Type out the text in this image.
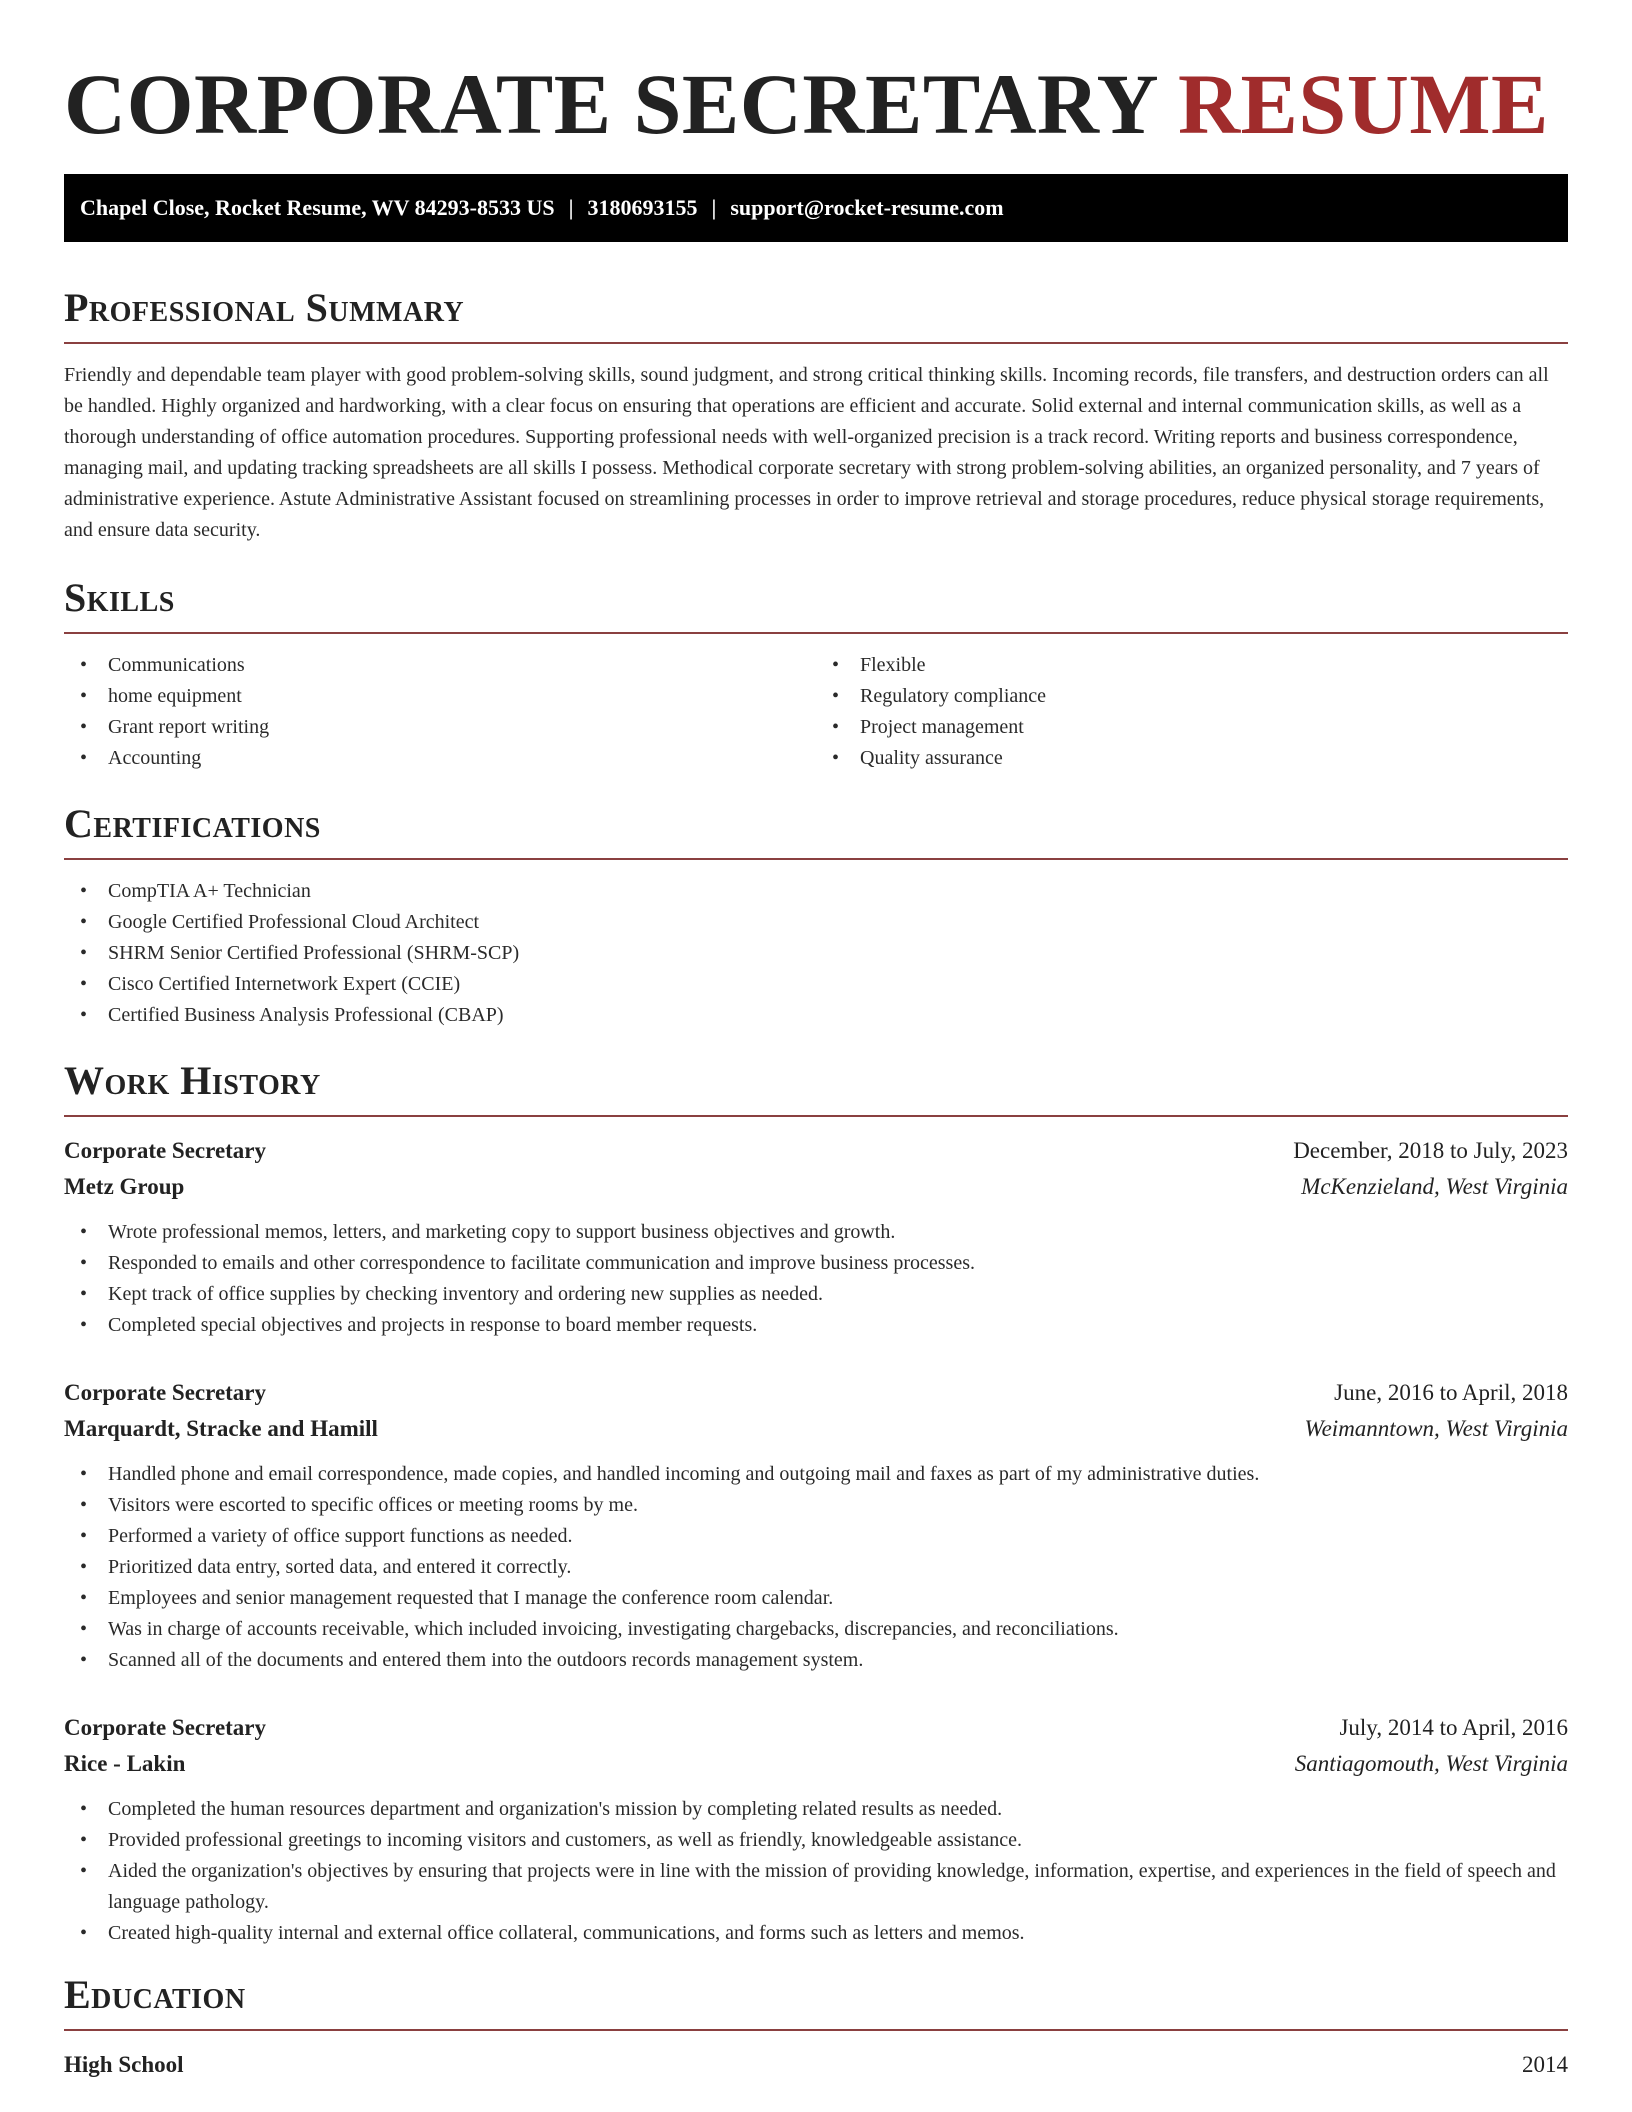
CORPORATE SECRETARY RESUME
Chapel Close, Rocket Resume, WV 84293-8533 US | 3180693155 | support@rocket-resume.com
Professional Summary

Friendly and dependable team player with good problem-solving skills, sound judgment, and strong critical thinking skills. Incoming records, file transfers, and destruction orders can all be handled. Highly organized and hardworking, with a clear focus on ensuring that operations are efficient and accurate. Solid external and internal communication skills, as well as a thorough understanding of office automation procedures. Supporting professional needs with well-organized precision is a track record. Writing reports and business correspondence, managing mail, and updating tracking spreadsheets are all skills I possess. Methodical corporate secretary with strong problem-solving abilities, an organized personality, and 7 years of administrative experience. Astute Administrative Assistant focused on streamlining processes in order to improve retrieval and storage procedures, reduce physical storage requirements, and ensure data security.

Skills
• Communications
• home equipment
• Grant report writing
• Accounting
• Flexible
• Regulatory compliance
• Project management
• Quality assurance
Certifications
• CompTIA A+ Technician
• Google Certified Professional Cloud Architect
• SHRM Senior Certified Professional (SHRM-SCP)
• Cisco Certified Internetwork Expert (CCIE)
• Certified Business Analysis Professional (CBAP)
Work History
Corporate Secretary	December, 2018 to July, 2023
Metz Group	McKenzieland, West Virginia
• Wrote professional memos, letters, and marketing copy to support business objectives and growth.
• Responded to emails and other correspondence to facilitate communication and improve business processes.
• Kept track of office supplies by checking inventory and ordering new supplies as needed.
• Completed special objectives and projects in response to board member requests.
Corporate Secretary	June, 2016 to April, 2018
Marquardt, Stracke and Hamill	Weimanntown, West Virginia
• Handled phone and email correspondence, made copies, and handled incoming and outgoing mail and faxes as part of my administrative duties.
• Visitors were escorted to specific offices or meeting rooms by me.
• Performed a variety of office support functions as needed.
• Prioritized data entry, sorted data, and entered it correctly.
• Employees and senior management requested that I manage the conference room calendar.
• Was in charge of accounts receivable, which included invoicing, investigating chargebacks, discrepancies, and reconciliations.
• Scanned all of the documents and entered them into the outdoors records management system.
Corporate Secretary	July, 2014 to April, 2016
Rice - Lakin	Santiagomouth, West Virginia
• Completed the human resources department and organization's mission by completing related results as needed.
• Provided professional greetings to incoming visitors and customers, as well as friendly, knowledgeable assistance.
• Aided the organization's objectives by ensuring that projects were in line with the mission of providing knowledge, information, expertise, and experiences in the field of speech and language pathology.
• Created high-quality internal and external office collateral, communications, and forms such as letters and memos.
Education
High School	2014
